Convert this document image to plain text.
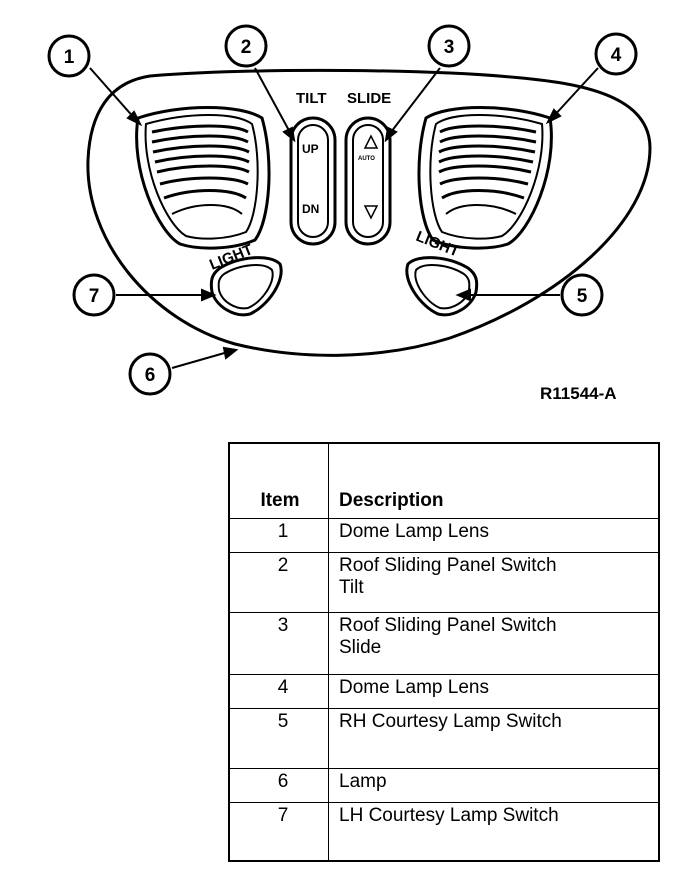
TILT SLIDE
UP
DN
AUTO
LIGHT	LIGHT
1	2	3	4
5
6
7
R11544-A
Item	Description
1	Dome Lamp Lens

2	Roof Sliding Panel Switch
Tilt

3	Roof Sliding Panel Switch
Slide

4	Dome Lamp Lens

5	RH Courtesy Lamp Switch

6	Lamp

7	LH Courtesy Lamp Switch
